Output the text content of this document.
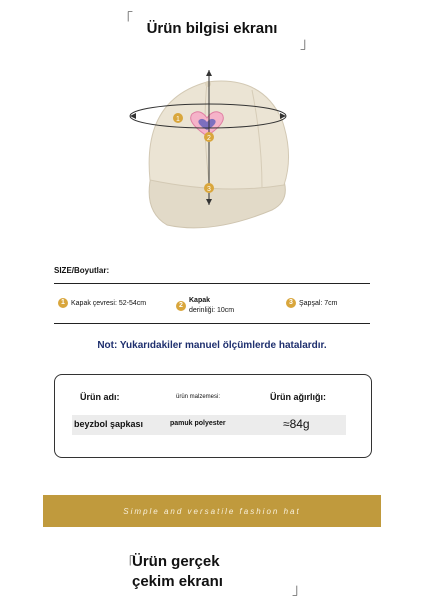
「
Ürün bilgisi ekranı
」
1
2
3
SIZE/Boyutlar:
1 Kapak çevresi: 52-54cm	2
Kapak
derinliği: 10cm
3 Şapşal: 7cm
Not: Yukarıdakiler manuel ölçümlerde hatalardır.
Ürün adı:	ürün malzemesi:	Ürün ağırlığı:
beyzbol şapkası	pamuk polyester	≈84g
Simple and versatile fashion hat
「
Ürün gerçek
çekim ekranı	」
